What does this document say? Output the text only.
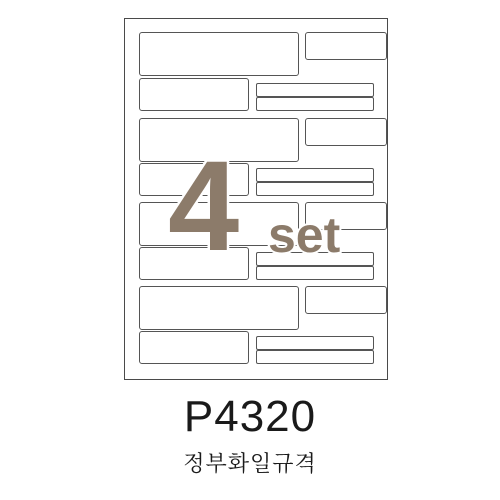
4 set
P4320
정부화일규격
